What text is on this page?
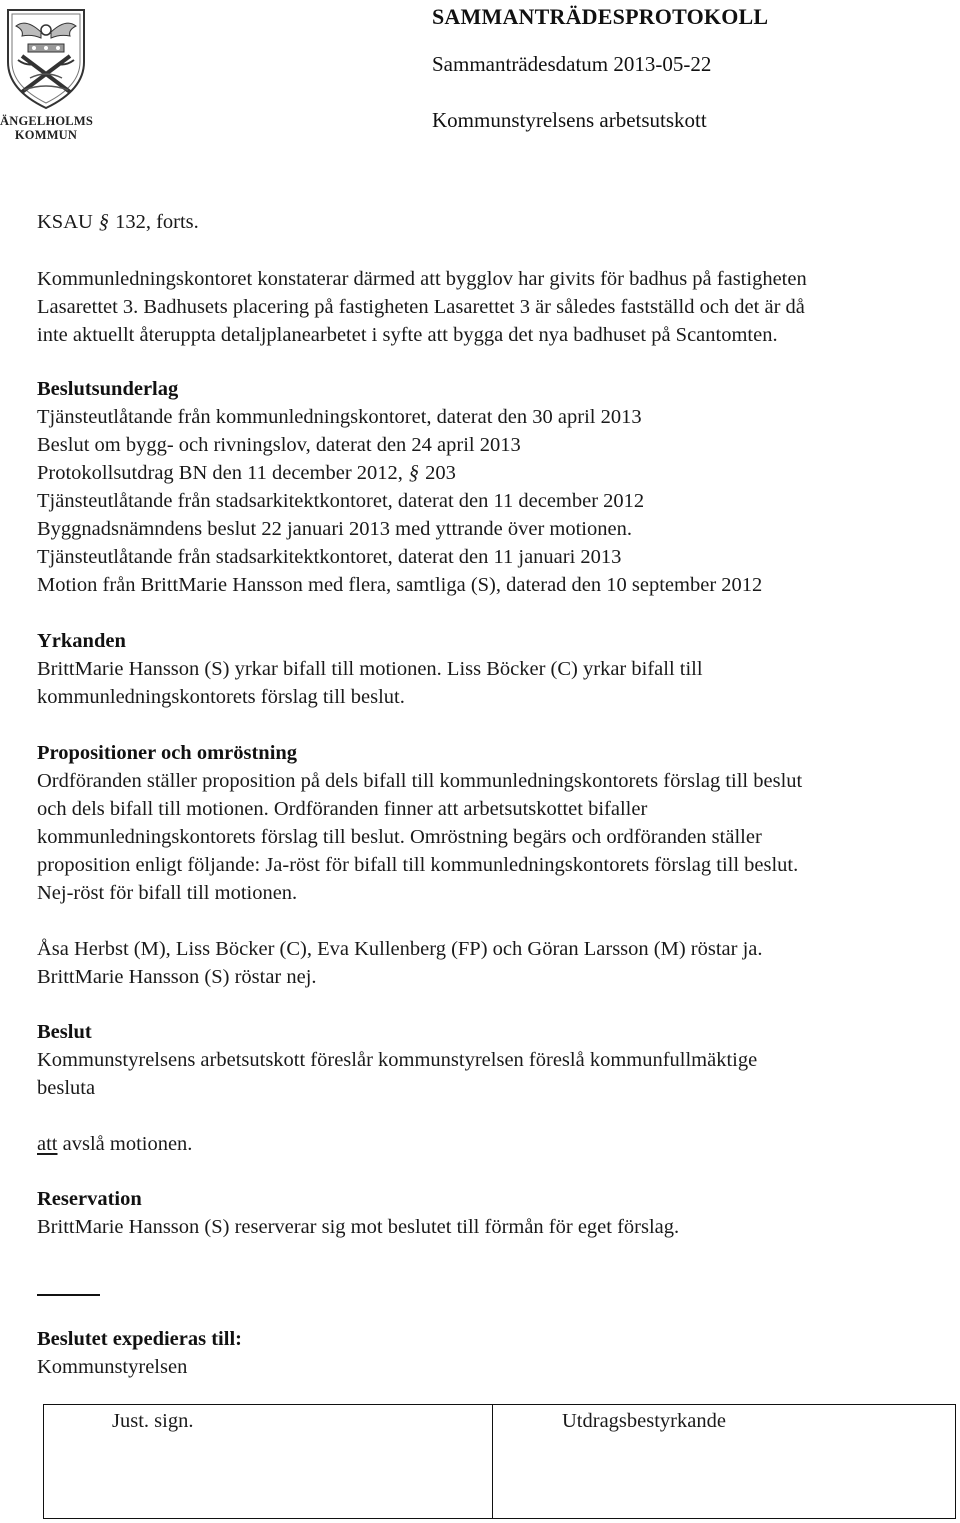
ÄNGELHOLMS
KOMMUN
SAMMANTRÄDESPROTOKOLL
Sammanträdesdatum 2013-05-22
Kommunstyrelsens arbetsutskott
KSAU § 132, forts.
Kommunledningskontoret konstaterar därmed att bygglov har givits för badhus på fastigheten
Lasarettet 3. Badhusets placering på fastigheten Lasarettet 3 är således fastställd och det är då
inte aktuellt återuppta detaljplanearbetet i syfte att bygga det nya badhuset på Scantomten.
Beslutsunderlag
Tjänsteutlåtande från kommunledningskontoret, daterat den 30 april 2013
Beslut om bygg- och rivningslov, daterat den 24 april 2013
Protokollsutdrag BN den 11 december 2012, § 203
Tjänsteutlåtande från stadsarkitektkontoret, daterat den 11 december 2012
Byggnadsnämndens beslut 22 januari 2013 med yttrande över motionen.
Tjänsteutlåtande från stadsarkitektkontoret, daterat den 11 januari 2013
Motion från BrittMarie Hansson med flera, samtliga (S), daterad den 10 september 2012
Yrkanden
BrittMarie Hansson (S) yrkar bifall till motionen. Liss Böcker (C) yrkar bifall till
kommunledningskontorets förslag till beslut.
Propositioner och omröstning
Ordföranden ställer proposition på dels bifall till kommunledningskontorets förslag till beslut
och dels bifall till motionen. Ordföranden finner att arbetsutskottet bifaller
kommunledningskontorets förslag till beslut. Omröstning begärs och ordföranden ställer
proposition enligt följande: Ja-röst för bifall till kommunledningskontorets förslag till beslut.
Nej-röst för bifall till motionen.
Åsa Herbst (M), Liss Böcker (C), Eva Kullenberg (FP) och Göran Larsson (M) röstar ja.
BrittMarie Hansson (S) röstar nej.
Beslut
Kommunstyrelsens arbetsutskott föreslår kommunstyrelsen föreslå kommunfullmäktige
besluta
att avslå motionen.
Reservation
BrittMarie Hansson (S) reserverar sig mot beslutet till förmån för eget förslag.
Beslutet expedieras till:
Kommunstyrelsen
Just. sign.	Utdragsbestyrkande
